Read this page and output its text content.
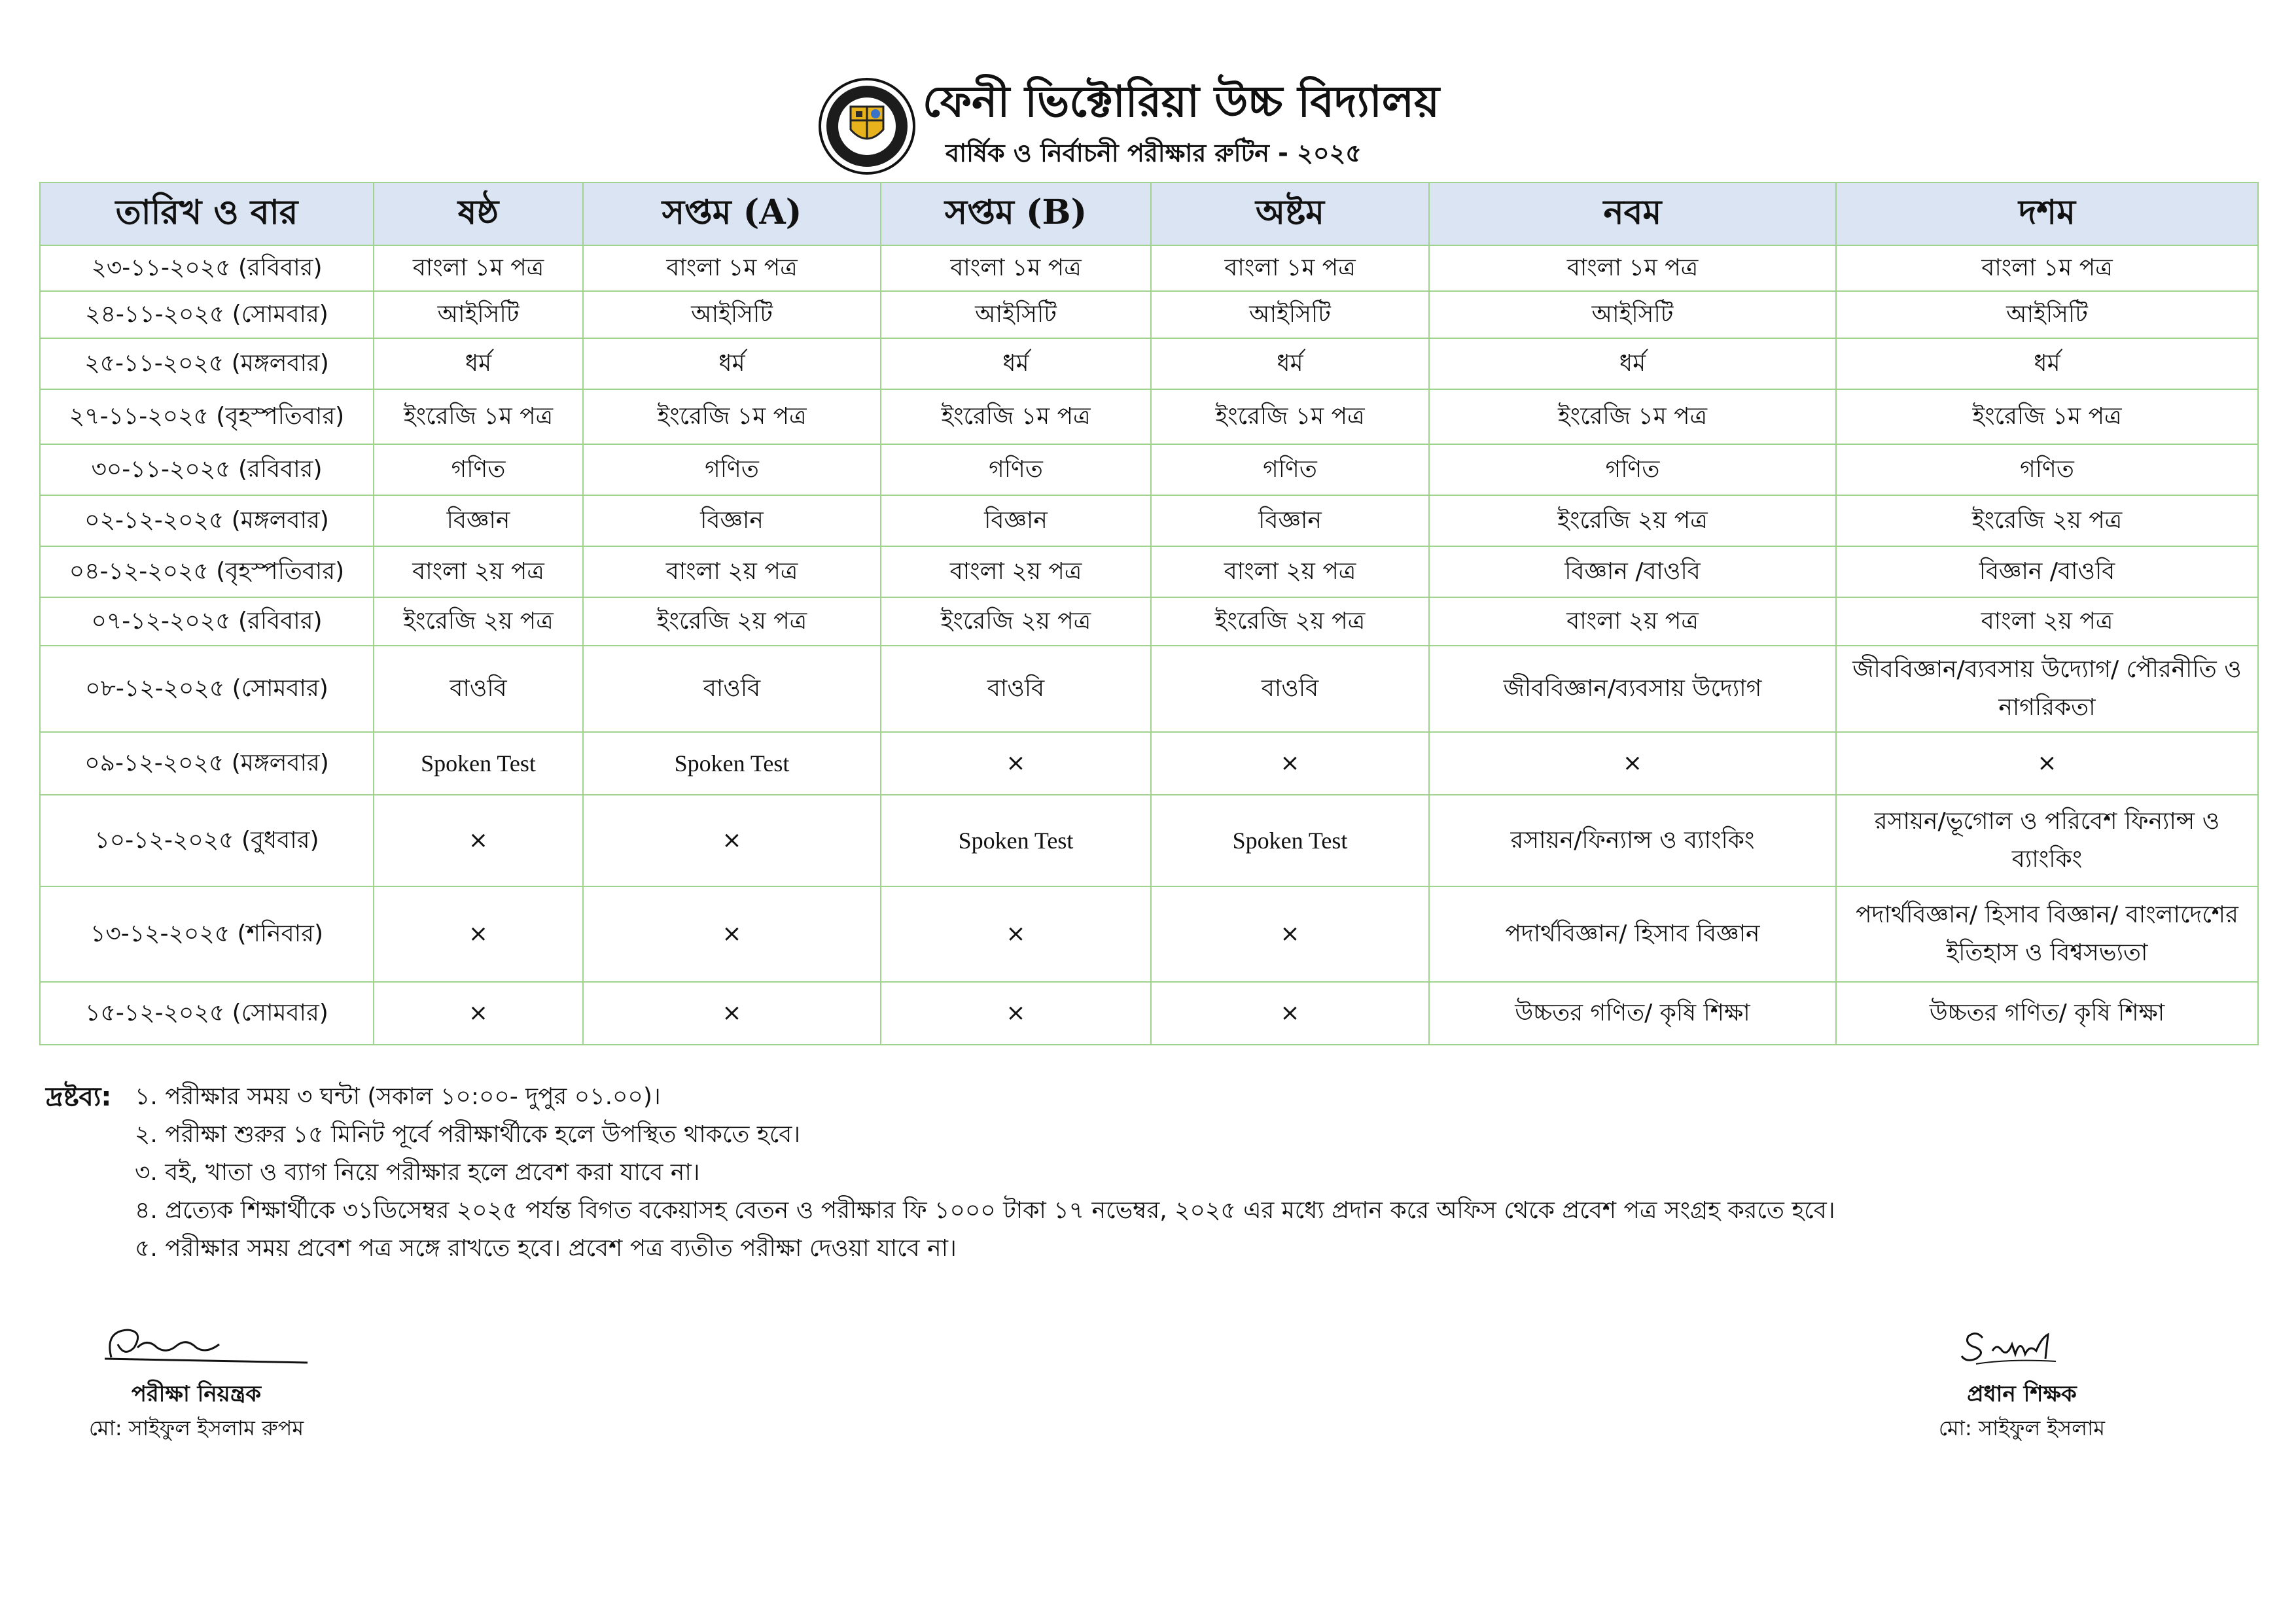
ফেনী ভিক্টোরিয়া উচ্চ বিদ্যালয়
বার্ষিক ও নির্বাচনী পরীক্ষার রুটিন - ২০২৫
তারিখ ও বার	ষষ্ঠ	সপ্তম (A)	সপ্তম (B)	অষ্টম	নবম	দশম
২৩-১১-২০২৫ (রবিবার)	বাংলা ১ম পত্র	বাংলা ১ম পত্র	বাংলা ১ম পত্র	বাংলা ১ম পত্র	বাংলা ১ম পত্র	বাংলা ১ম পত্র
২৪-১১-২০২৫ (সোমবার)	আইসিটি	আইসিটি	আইসিটি	আইসিটি	আইসিটি	আইসিটি
২৫-১১-২০২৫ (মঙ্গলবার)	ধর্ম	ধর্ম	ধর্ম	ধর্ম	ধর্ম	ধর্ম
২৭-১১-২০২৫ (বৃহস্পতিবার)	ইংরেজি ১ম পত্র	ইংরেজি ১ম পত্র	ইংরেজি ১ম পত্র	ইংরেজি ১ম পত্র	ইংরেজি ১ম পত্র	ইংরেজি ১ম পত্র
৩০-১১-২০২৫ (রবিবার)	গণিত	গণিত	গণিত	গণিত	গণিত	গণিত
০২-১২-২০২৫ (মঙ্গলবার)	বিজ্ঞান	বিজ্ঞান	বিজ্ঞান	বিজ্ঞান	ইংরেজি ২য় পত্র	ইংরেজি ২য় পত্র
০৪-১২-২০২৫ (বৃহস্পতিবার)	বাংলা ২য় পত্র	বাংলা ২য় পত্র	বাংলা ২য় পত্র	বাংলা ২য় পত্র	বিজ্ঞান /বাওবি	বিজ্ঞান /বাওবি
০৭-১২-২০২৫ (রবিবার)	ইংরেজি ২য় পত্র	ইংরেজি ২য় পত্র	ইংরেজি ২য় পত্র	ইংরেজি ২য় পত্র	বাংলা ২য় পত্র	বাংলা ২য় পত্র
০৮-১২-২০২৫ (সোমবার)	বাওবি	বাওবি	বাওবি	বাওবি	জীববিজ্ঞান/ব্যবসায় উদ্যোগ	জীববিজ্ঞান/ব্যবসায় উদ্যোগ/ পৌরনীতি ও নাগরিকতা
০৯-১২-২০২৫ (মঙ্গলবার)	Spoken Test	Spoken Test	×	×	×	×
১০-১২-২০২৫ (বুধবার)	×	×	Spoken Test	Spoken Test	রসায়ন/ফিন্যান্স ও ব্যাংকিং	রসায়ন/ভূগোল ও পরিবেশ ফিন্যান্স ও ব্যাংকিং
১৩-১২-২০২৫ (শনিবার)	×	×	×	×	পদার্থবিজ্ঞান/ হিসাব বিজ্ঞান	পদার্থবিজ্ঞান/ হিসাব বিজ্ঞান/ বাংলাদেশের ইতিহাস ও বিশ্বসভ্যতা
১৫-১২-২০২৫ (সোমবার)	×	×	×	×	উচ্চতর গণিত/ কৃষি শিক্ষা	উচ্চতর গণিত/ কৃষি শিক্ষা
দ্রষ্টব্য: ১. পরীক্ষার সময় ৩ ঘন্টা (সকাল ১০:০০- দুপুর ০১.০০)।
২. পরীক্ষা শুরুর ১৫ মিনিট পূর্বে পরীক্ষার্থীকে হলে উপস্থিত থাকতে হবে।
৩. বই, খাতা ও ব্যাগ নিয়ে পরীক্ষার হলে প্রবেশ করা যাবে না।
৪. প্রত্যেক শিক্ষার্থীকে ৩১ডিসেম্বর ২০২৫ পর্যন্ত বিগত বকেয়াসহ বেতন ও পরীক্ষার ফি ১০০০ টাকা ১৭ নভেম্বর, ২০২৫ এর মধ্যে প্রদান করে অফিস থেকে প্রবেশ পত্র সংগ্রহ করতে হবে।
৫. পরীক্ষার সময় প্রবেশ পত্র সঙ্গে রাখতে হবে। প্রবেশ পত্র ব্যতীত পরীক্ষা দেওয়া যাবে না।
পরীক্ষা নিয়ন্ত্রক
মো: সাইফুল ইসলাম রুপম
প্রধান শিক্ষক
মো: সাইফুল ইসলাম
